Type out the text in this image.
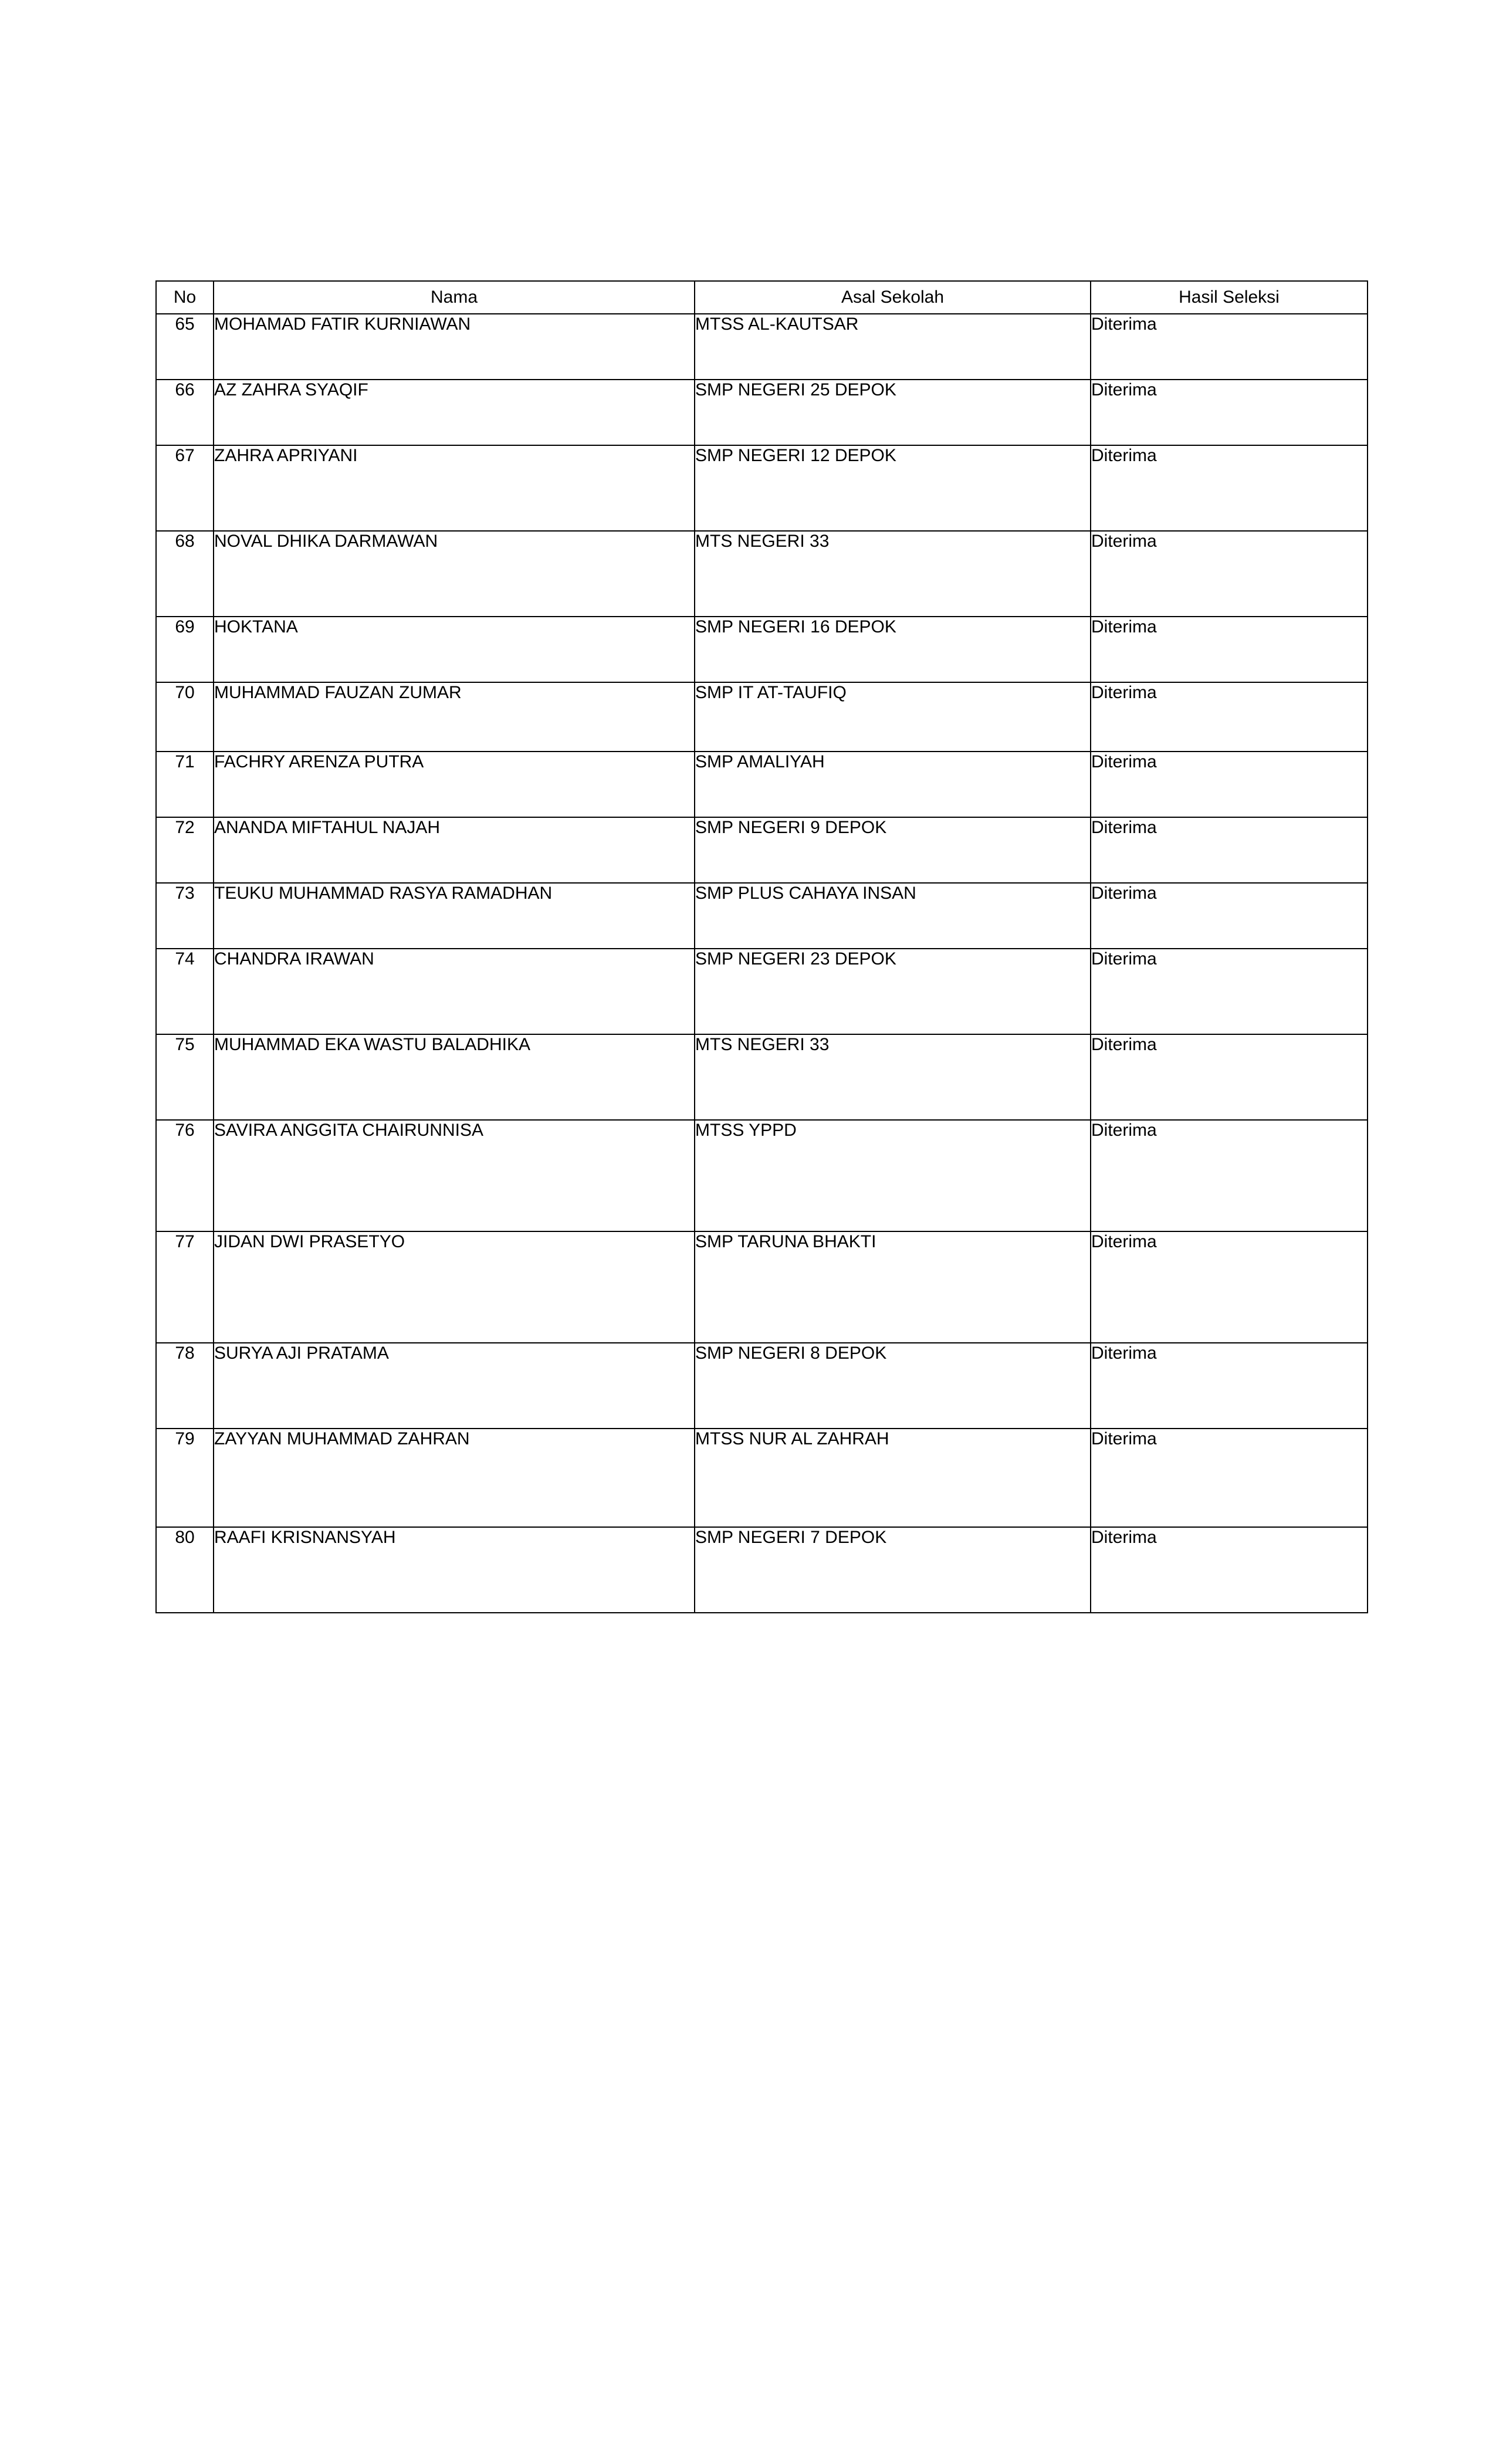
No	Nama	Asal Sekolah	Hasil Seleksi
65	MOHAMAD FATIR KURNIAWAN	MTSS AL-KAUTSAR	Diterima
66	AZ ZAHRA SYAQIF	SMP NEGERI 25 DEPOK	Diterima
67	ZAHRA APRIYANI	SMP NEGERI 12 DEPOK	Diterima
68	NOVAL DHIKA DARMAWAN	MTS NEGERI 33	Diterima
69	HOKTANA	SMP NEGERI 16 DEPOK	Diterima
70	MUHAMMAD FAUZAN ZUMAR	SMP IT AT-TAUFIQ	Diterima
71	FACHRY ARENZA PUTRA	SMP AMALIYAH	Diterima
72	ANANDA MIFTAHUL NAJAH	SMP NEGERI 9 DEPOK	Diterima
73	TEUKU MUHAMMAD RASYA RAMADHAN	SMP PLUS CAHAYA INSAN	Diterima
74	CHANDRA IRAWAN	SMP NEGERI 23 DEPOK	Diterima
75	MUHAMMAD EKA WASTU BALADHIKA	MTS NEGERI 33	Diterima
76	SAVIRA ANGGITA CHAIRUNNISA	MTSS YPPD	Diterima
77	JIDAN DWI PRASETYO	SMP TARUNA BHAKTI	Diterima
78	SURYA AJI PRATAMA	SMP NEGERI 8 DEPOK	Diterima
79	ZAYYAN MUHAMMAD ZAHRAN	MTSS NUR AL ZAHRAH	Diterima
80	RAAFI KRISNANSYAH	SMP NEGERI 7 DEPOK	Diterima
